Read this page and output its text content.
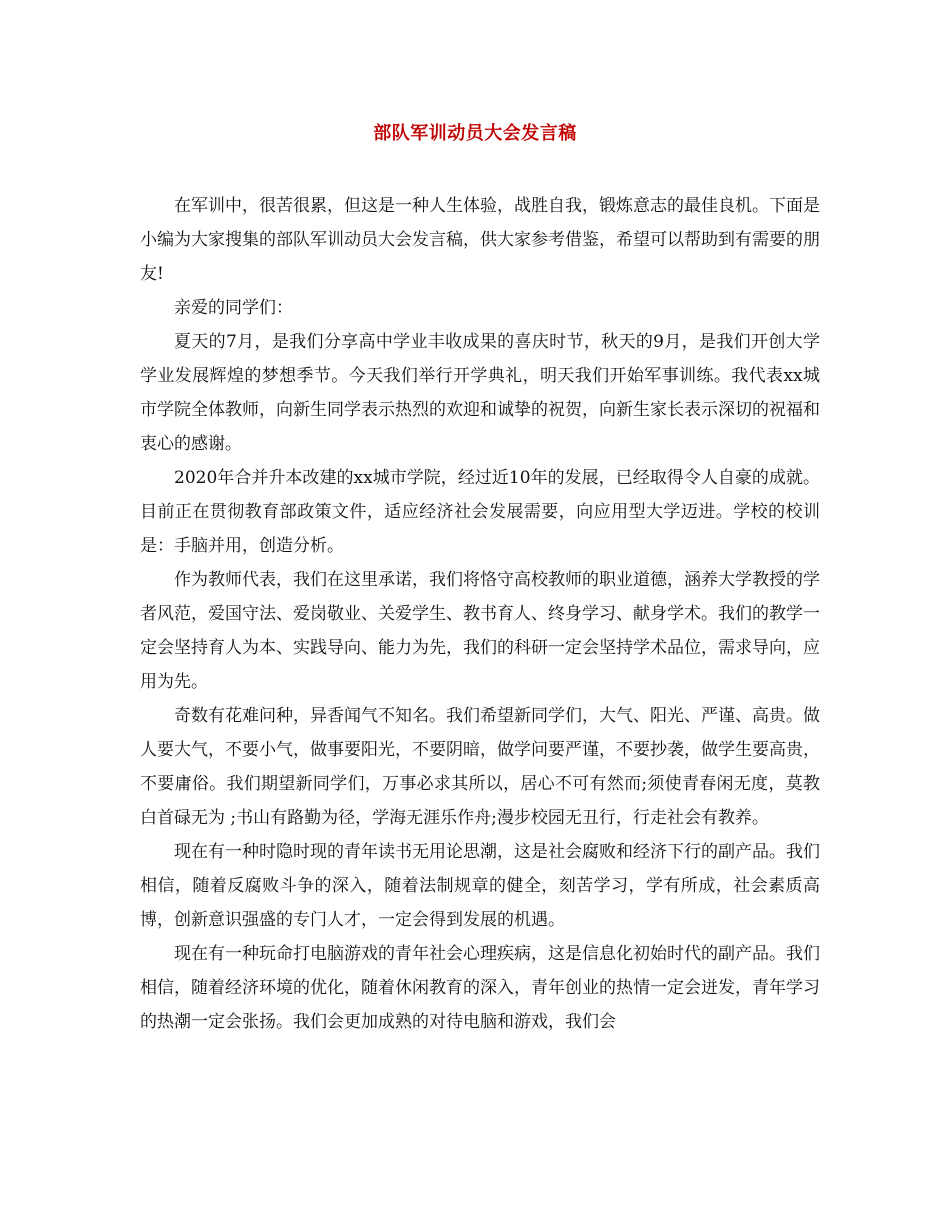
部队军训动员大会发言稿

在军训中，很苦很累，但这是一种人生体验，战胜自我，锻炼意志的最佳良机。下面是小编为大家搜集的部队军训动员大会发言稿，供大家参考借鉴，希望可以帮助到有需要的朋友!

亲爱的同学们：

夏天的7月，是我们分享高中学业丰收成果的喜庆时节，秋天的9月，是我们开创大学学业发展辉煌的梦想季节。今天我们举行开学典礼，明天我们开始军事训练。我代表xx城市学院全体教师，向新生同学表示热烈的欢迎和诚挚的祝贺，向新生家长表示深切的祝福和衷心的感谢。

2020年合并升本改建的xx城市学院，经过近10年的发展，已经取得令人自豪的成就。目前正在贯彻教育部政策文件，适应经济社会发展需要，向应用型大学迈进。学校的校训是：手脑并用，创造分析。

作为教师代表，我们在这里承诺，我们将恪守高校教师的职业道德，涵养大学教授的学者风范，爱国守法、爱岗敬业、关爱学生、教书育人、终身学习、献身学术。我们的教学一定会坚持育人为本、实践导向、能力为先，我们的科研一定会坚持学术品位，需求导向，应用为先。

奇数有花难问种，异香闻气不知名。我们希望新同学们，大气、阳光、严谨、高贵。做人要大气，不要小气，做事要阳光，不要阴暗，做学问要严谨，不要抄袭，做学生要高贵，不要庸俗。我们期望新同学们，万事必求其所以，居心不可有然而;须使青春闲无度，莫教白首碌无为 ;书山有路勤为径，学海无涯乐作舟;漫步校园无丑行，行走社会有教养。

现在有一种时隐时现的青年读书无用论思潮，这是社会腐败和经济下行的副产品。我们相信，随着反腐败斗争的深入，随着法制规章的健全，刻苦学习，学有所成，社会素质高博，创新意识强盛的专门人才，一定会得到发展的机遇。

现在有一种玩命打电脑游戏的青年社会心理疾病，这是信息化初始时代的副产品。我们相信，随着经济环境的优化，随着休闲教育的深入，青年创业的热情一定会迸发，青年学习的热潮一定会张扬。我们会更加成熟的对待电脑和游戏，我们会
